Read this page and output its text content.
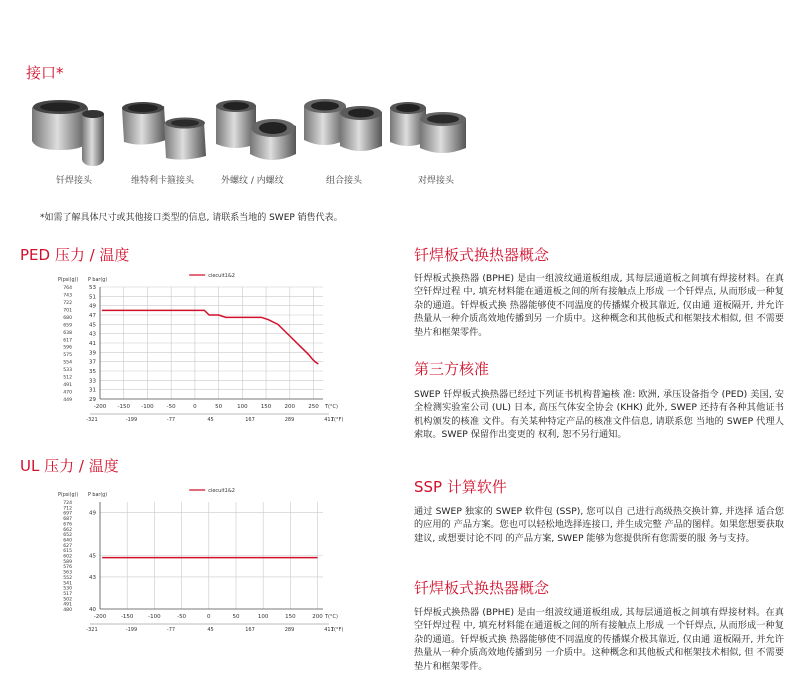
接口*
钎焊接头	维特利卡箍接头	外螺纹 / 内螺纹	组合接头	对焊接头
*如需了解具体尺寸或其他接口类型的信息, 请联系当地的 SWEP 销售代表。
PED 压力 / 温度
-200 -150 -100 -50	0	50	100 150 200 250
29
31
33
35
37
39
41
43
45
47
49
51
53
764
743
722
701
680
659
638
617
596
575
554
533
512
491
470
449
P(psi(g)) P bar(g)
T(°C)
-321	-199	-77	45	167	289	411
T(°F)
ciecuit1&2
UL 压力 / 温度
-200	-150	-100	-50	0	50	100	150	200
40
43
45
49
724
712
697
687
676
662
652
640
627
615
602
589
576
563
552
541
530
517
502
491
480
P(psi(g)) P bar(g)
T(°C)
-321	-199	-77	45	167	289	411
T(°F)
ciecuit1&2
钎焊板式换热器概念
钎焊板式换热器 (BPHE) 是由一组波纹通道板组成, 其每层通道板之间填有焊接材料。在真空钎焊过程 中, 填充材料能在通道板之间的所有接触点上形成 一个钎焊点, 从而形成一种复杂的通道。钎焊板式换 热器能够使不同温度的传播媒介极其靠近, 仅由通 道板隔开, 并允许热量从一种介质高效地传播到另 一介质中。这种概念和其他板式和框架技术相似, 但 不需要垫片和框架零件。
第三方核准
SWEP 钎焊板式换热器已经过下列证书机构普遍核 准: 欧洲, 承压设备指令 (PED) 美国, 安全检测实验室公司 (UL) 日本, 高压气体安全协会 (KHK) 此外, SWEP 还持有各种其他证书机构颁发的核准 文件。有关某种特定产品的核准文件信息, 请联系您 当地的 SWEP 代理人索取。SWEP 保留作出变更的 权利, 恕不另行通知。
SSP 计算软件
通过 SWEP 独家的 SWEP 软件包 (SSP), 您可以自 己进行高级热交换计算, 并选择 适合您的应用的 产品方案。您也可以轻松地选择连接口, 并生成完整 产品的图样。如果您想要获取建议, 或想要讨论不同 的产品方案, SWEP 能够为您提供所有您需要的服 务与支持。
钎焊板式换热器概念
钎焊板式换热器 (BPHE) 是由一组波纹通道板组成, 其每层通道板之间填有焊接材料。在真空钎焊过程 中, 填充材料能在通道板之间的所有接触点上形成 一个钎焊点, 从而形成一种复杂的通道。钎焊板式换 热器能够使不同温度的传播媒介极其靠近, 仅由通 道板隔开, 并允许热量从一种介质高效地传播到另 一介质中。这种概念和其他板式和框架技术相似, 但 不需要垫片和框架零件。
